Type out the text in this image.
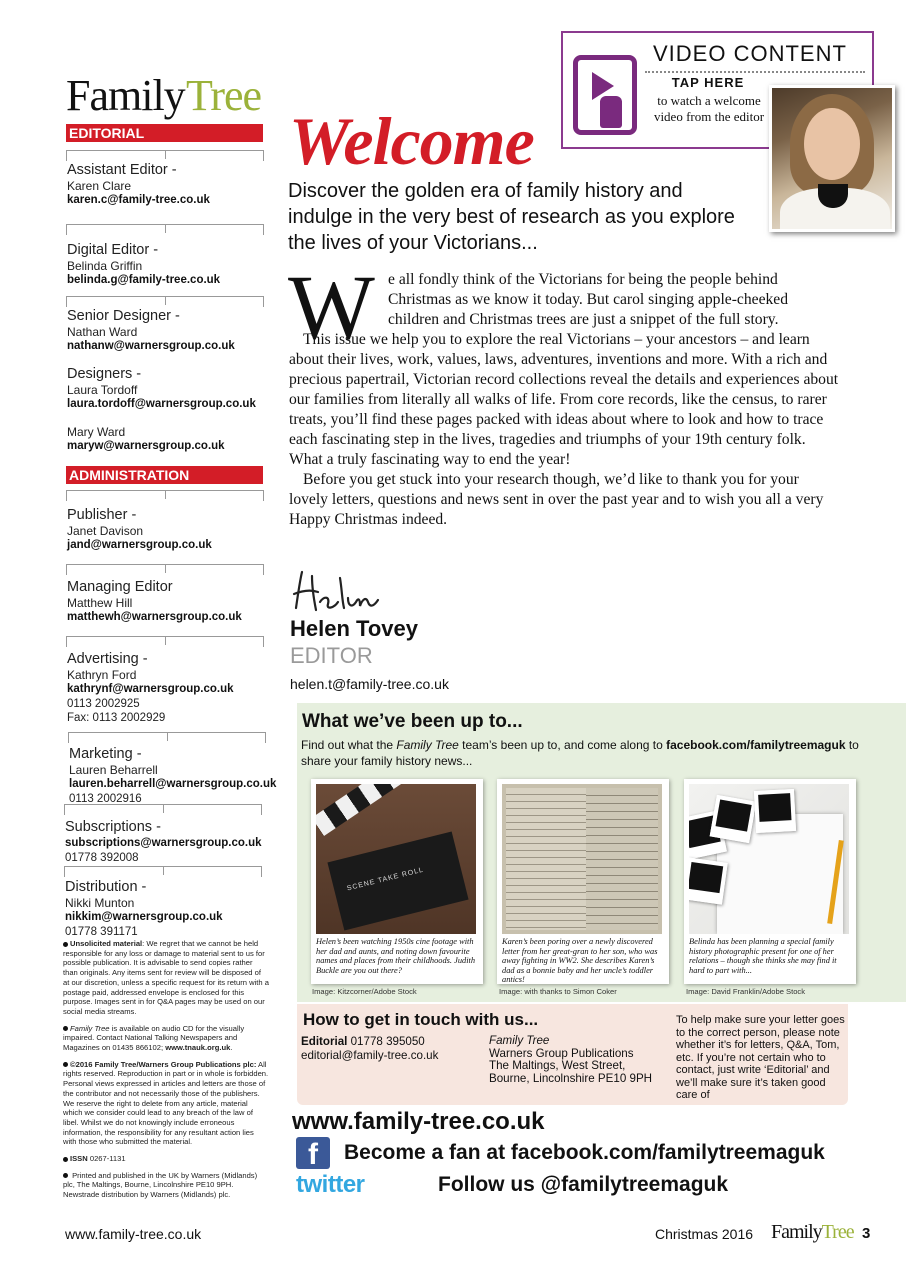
Family Tree
EDITORIAL
Assistant Editor -
Karen Clare
karen.c@family-tree.co.uk
Digital Editor -
Belinda Griffin
belinda.g@family-tree.co.uk
Senior Designer -
Nathan Ward
nathanw@warnersgroup.co.uk
Designers -
Laura Tordoff
laura.tordoff@warnersgroup.co.uk
Mary Ward
maryw@warnersgroup.co.uk
ADMINISTRATION
Publisher -
Janet Davison
jand@warnersgroup.co.uk
Managing Editor
Matthew Hill
matthewh@warnersgroup.co.uk
Advertising -
Kathryn Ford
kathrynf@warnersgroup.co.uk
0113 2002925
Fax: 0113 2002929
Marketing -
Lauren Beharrell
lauren.beharrell@warnersgroup.co.uk
0113 2002916
Subscriptions -
subscriptions@warnersgroup.co.uk
01778 392008
Distribution -
Nikki Munton
nikkim@warnersgroup.co.uk
01778 391171

Unsolicited material: We regret that we cannot be held responsible for any loss or damage to material sent to us for possible publication. It is advisable to send copies rather than originals. Any items sent for review will be disposed of at our discretion, unless a specific request for its return with a postage paid, addressed envelope is enclosed for this purpose. Images sent in for Q&A pages may be used on our social media streams.

Family Tree is available on audio CD for the visually impaired. Contact National Talking Newspapers and Magazines on 01435 866102; www.tnauk.org.uk.

©2016 Family Tree/Warners Group Publications plc: All rights reserved. Reproduction in part or in whole is forbidden. Personal views expressed in articles and letters are those of the contributor and not necessarily those of the publishers. We reserve the right to delete from any article, material which we consider could lead to any breach of the law of libel. Whilst we do not knowingly include erroneous information, the responsibility for any resultant action lies with those who submitted the material.

ISSN 0267-1131

Printed and published in the UK by Warners (Midlands) plc, The Maltings, Bourne, Lincolnshire PE10 9PH. Newstrade distribution by Warners (Midlands) plc.

VIDEO CONTENT
TAP HERE
to watch a welcome video from the editor
Welcome
Discover the golden era of family history and indulge in the very best of research as you explore the lives of your Victorians...
W e all fondly think of the Victorians for being the people behind Christmas as we know it today. But carol singing apple-cheeked children and Christmas trees are just a snippet of the full story.

This issue we help you to explore the real Victorians – your ancestors – and learn about their lives, work, values, laws, adventures, inventions and more. With a rich and precious papertrail, Victorian record collections reveal the details and experiences about our families from literally all walks of life. From core records, like the census, to rarer treats, you’ll find these pages packed with ideas about where to look and how to trace each fascinating step in the lives, tragedies and triumphs of your 19th century folk. What a truly fascinating way to end the year!

Before you get stuck into your research though, we’d like to thank you for your lovely letters, questions and news sent in over the past year and to wish you all a very Happy Christmas indeed.

Helen Tovey
EDITOR
helen.t@family-tree.co.uk
What we’ve been up to...
Find out what the Family Tree team’s been up to, and come along to facebook.com/familytreemaguk to share your family history news...
SCENE TAKE ROLL
Helen’s been watching 1950s cine footage with her dad and aunts, and noting down favourite names and places from their childhoods. Judith Buckle are you out there?
Image: Kitzcorner/Adobe Stock
Karen’s been poring over a newly discovered letter from her great-gran to her son, who was away fighting in WW2. She describes Karen’s dad as a bonnie baby and her uncle’s toddler antics!
Image: with thanks to Simon Coker
Belinda has been planning a special family history photographic present for one of her relations – though she thinks she may find it hard to part with...
Image: David Franklin/Adobe Stock
How to get in touch with us...
Editorial 01778 395050
editorial@family-tree.co.uk
Family Tree
Warners Group Publications
The Maltings, West Street,
Bourne, Lincolnshire PE10 9PH
To help make sure your letter goes to the correct person, please note whether it’s for letters, Q&A, Tom, etc. If you’re not certain who to contact, just write ‘Editorial’ and we’ll make sure it’s taken good care of
www.family-tree.co.uk
f	Become a fan at facebook.com/familytreemaguk
twitter	Follow us @familytreemaguk
www.family-tree.co.uk	Christmas 2016 FamilyTree 3
